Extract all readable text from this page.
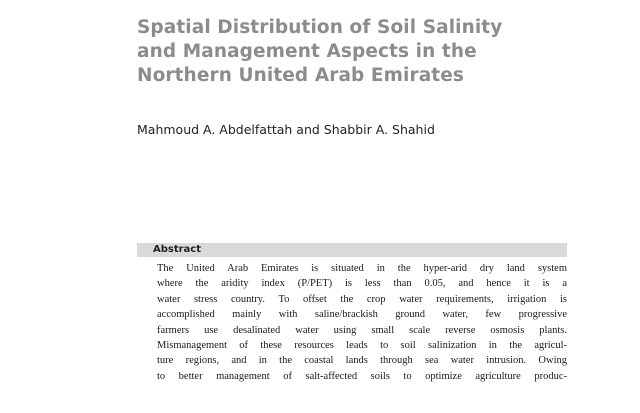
Spatial Distribution of Soil Salinity
and Management Aspects in the
Northern United Arab Emirates

Mahmoud A. Abdelfattah and Shabbir A. Shahid

Abstract

The United Arab Emirates is situated in the hyper-arid dry land system
where the aridity index (P/PET) is less than 0.05, and hence it is a
water stress country. To offset the crop water requirements, irrigation is
accomplished mainly with saline/brackish ground water, few progressive
farmers use desalinated water using small scale reverse osmosis plants.
Mismanagement of these resources leads to soil salinization in the agricul-
ture regions, and in the coastal lands through sea water intrusion. Owing
to better management of salt-affected soils to optimize agriculture produc-
